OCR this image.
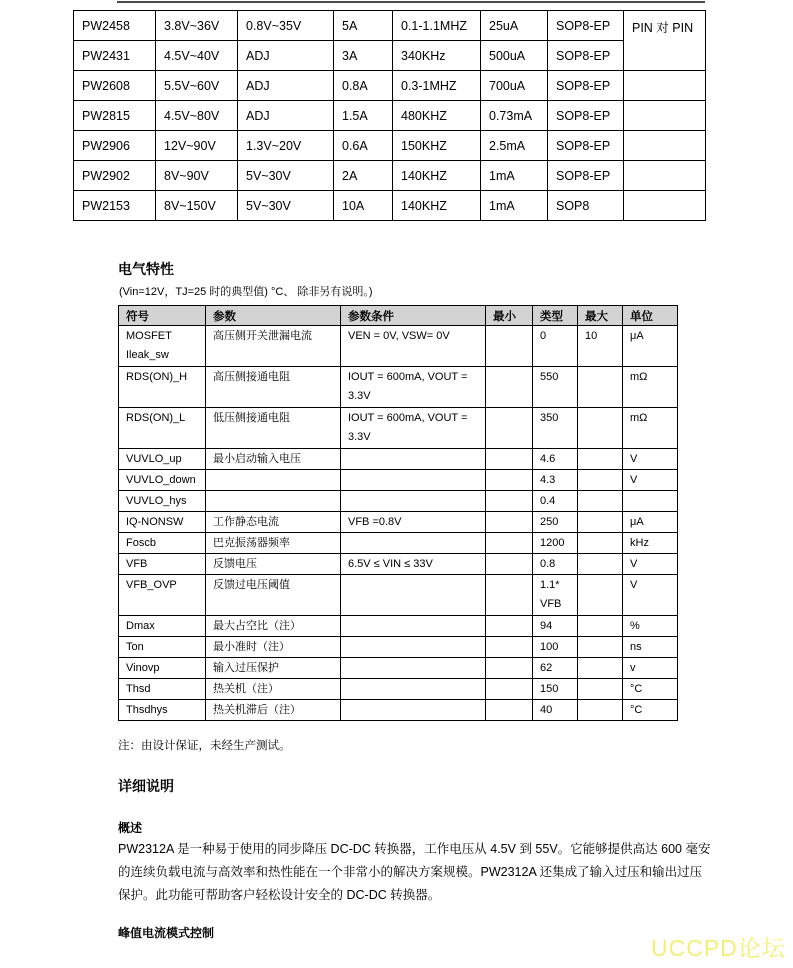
PW2458	3.8V~36V	0.8V~35V	5A	0.1-1.1MHZ	25uA	SOP8-EP	PIN 对 PIN

PW2431	4.5V~40V	ADJ	3A	340KHz	500uA	SOP8-EP	

PW2608	5.5V~60V	ADJ	0.8A	0.3-1MHZ	700uA	SOP8-EP	

PW2815	4.5V~80V	ADJ	1.5A	480KHZ	0.73mA	SOP8-EP	

PW2906	12V~90V	1.3V~20V	0.6A	150KHZ	2.5mA	SOP8-EP	

PW2902	8V~90V	5V~30V	2A	140KHZ	1mA	SOP8-EP	

PW2153	8V~150V	5V~30V	10A	140KHZ	1mA	SOP8	

电气特性
(Vin=12V，TJ=25 时的典型值) °C、 除非另有说明。)
符号	参数	参数条件	最小	类型	最大	单位

MOSFET
Ileak_sw	高压侧开关泄漏电流	VEN = 0V, VSW= 0V		0	10	μA

RDS(ON)_H	高压侧接通电阻	IOUT = 600mA, VOUT =
3.3V		550		mΩ

RDS(ON)_L	低压侧接通电阻	IOUT = 600mA, VOUT =
3.3V		350		mΩ

VUVLO_up	最小启动输入电压			4.6		V

VUVLO_down				4.3		V

VUVLO_hys				0.4		

IQ-NONSW	工作静态电流	VFB =0.8V		250		μA

Foscb	巴克振荡器频率			1200		kHz

VFB	反馈电压	6.5V ≤ VIN ≤ 33V		0.8		V

VFB_OVP	反馈过电压阈值			1.1*
VFB		V

Dmax	最大占空比（注）			94		%

Ton	最小准时（注）			100		ns

Vinovp	输入过压保护			62		v

Thsd	热关机（注）			150		°C

Thsdhys	热关机滞后（注）			40		°C
注：由设计保证，未经生产测试。
详细说明
概述
PW2312A 是一种易于使用的同步降压 DC-DC 转换器，工作电压从 4.5V 到 55V。它能够提供高达 600 毫安
的连续负载电流与高效率和热性能在一个非常小的解决方案规模。PW2312A 还集成了输入过压和输出过压
保护。此功能可帮助客户轻松设计安全的 DC-DC 转换器。
峰值电流模式控制
UCCPD论坛
